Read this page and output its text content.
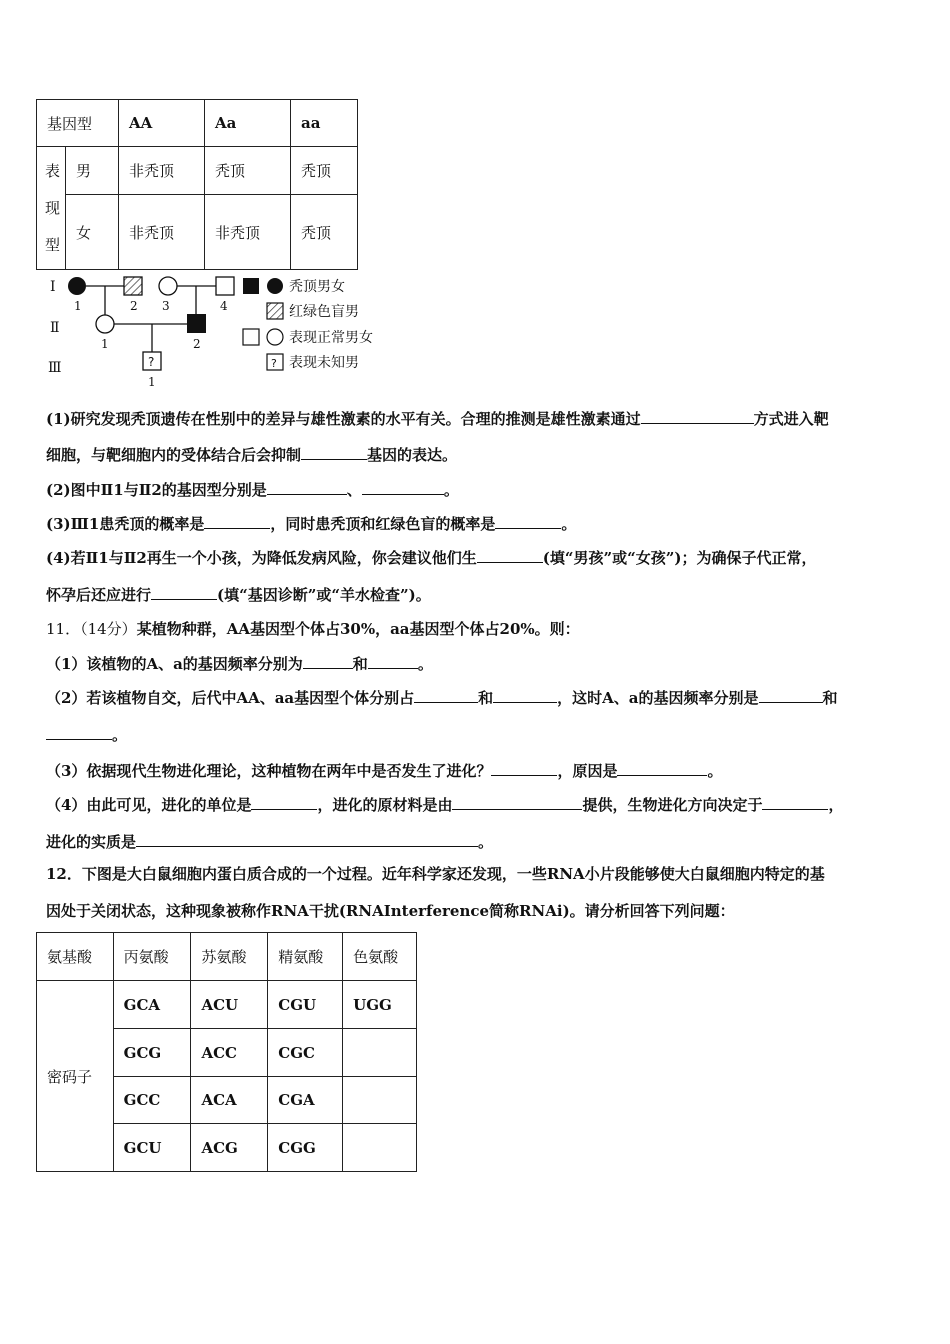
基因型		AA	Aa	aa

表
现
型	男	非秃顶	秃顶	秃顶
	女	非秃顶	非秃顶	秃顶
Ⅰ
Ⅱ
Ⅲ
1	2 3	4
1	2
?
1
秃顶男女
红绿色盲男
表现正常男女
? 表现未知男
(1)研究发现秃顶遗传在性别中的差异与雄性激素的水平有关。合理的推测是雄性激素通过	方式进入靶
细胞，与靶细胞内的受体结合后会抑制	基因的表达。
(2)图中Ⅱ1与Ⅱ2的基因型分别是	、	。
(3)Ⅲ1患秃顶的概率是	，同时患秃顶和红绿色盲的概率是	。
(4)若Ⅱ1与Ⅱ2再生一个小孩，为降低发病风险，你会建议他们生	(填“男孩”或“女孩”)；为确保子代正常，
怀孕后还应进行	(填“基因诊断”或“羊水检查”)。
11．（14分）某植物种群，AA基因型个体占30%，aa基因型个体占20%。则：
（1）该植物的A、a的基因频率分别为	和	。
（2）若该植物自交，后代中AA、aa基因型个体分别占	和	，这时A、a的基因频率分别是	和
。
（3）依据现代生物进化理论，这种植物在两年中是否发生了进化？	，原因是	。
（4）由此可见，进化的单位是	，进化的原材料是由	提供，生物进化方向决定于	，
进化的实质是	。
12．下图是大白鼠细胞内蛋白质合成的一个过程。近年科学家还发现，一些RNA小片段能够使大白鼠细胞内特定的基
因处于关闭状态，这种现象被称作RNA干扰(RNAInterference简称RNAi)。请分析回答下列问题：
氨基酸	丙氨酸	苏氨酸	精氨酸	色氨酸
密码子	GCA	ACU	CGU	UGG
	GCG	ACC	CGC	
	GCC	ACA	CGA	
	GCU	ACG	CGG	
